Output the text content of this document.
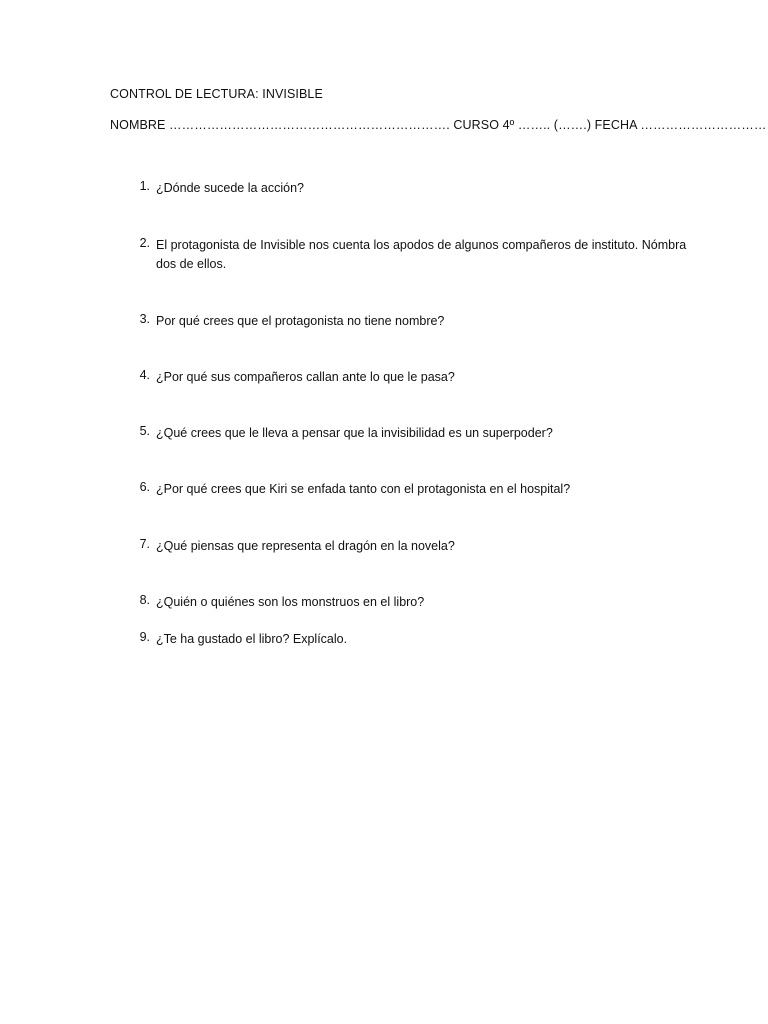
CONTROL DE LECTURA: INVISIBLE
NOMBRE …………………………………………………………. CURSO 4º …….. (…….) FECHA …………………………
1. ¿Dónde sucede la acción?
2. El protagonista de Invisible nos cuenta los apodos de algunos compañeros de instituto. Nómbra dos de ellos.
3. Por qué crees que el protagonista no tiene nombre?
4. ¿Por qué sus compañeros callan ante lo que le pasa?
5. ¿Qué crees que le lleva a pensar que la invisibilidad es un superpoder?
6. ¿Por qué crees que Kiri se enfada tanto con el protagonista en el hospital?
7. ¿Qué piensas que representa el dragón en la novela?
8. ¿Quién o quiénes son los monstruos en el libro?
9. ¿Te ha gustado el libro? Explícalo.
